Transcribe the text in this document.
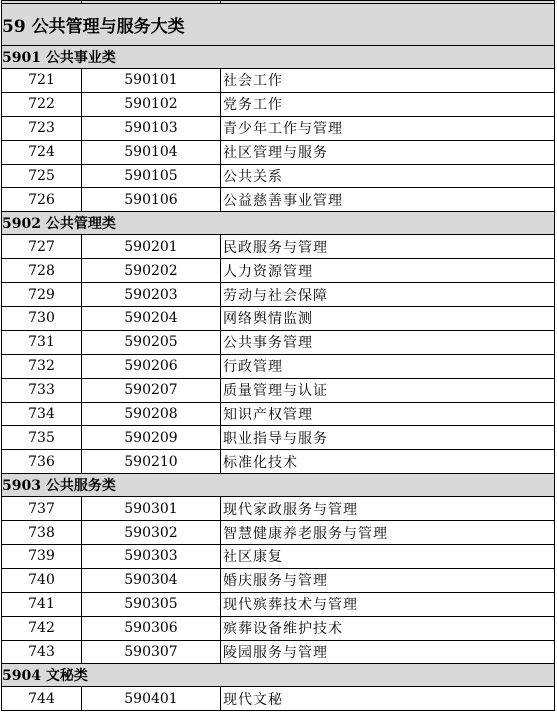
59 公共管理与服务大类		
5901 公共事业类		
721	590101	社会工作
722	590102	党务工作
723	590103	青少年工作与管理
724	590104	社区管理与服务
725	590105	公共关系
726	590106	公益慈善事业管理
5902 公共管理类		
727	590201	民政服务与管理
728	590202	人力资源管理
729	590203	劳动与社会保障
730	590204	网络舆情监测
731	590205	公共事务管理
732	590206	行政管理
733	590207	质量管理与认证
734	590208	知识产权管理
735	590209	职业指导与服务
736	590210	标准化技术
5903 公共服务类		
737	590301	现代家政服务与管理
738	590302	智慧健康养老服务与管理
739	590303	社区康复
740	590304	婚庆服务与管理
741	590305	现代殡葬技术与管理
742	590306	殡葬设备维护技术
743	590307	陵园服务与管理
5904 文秘类		
744	590401	现代文秘
